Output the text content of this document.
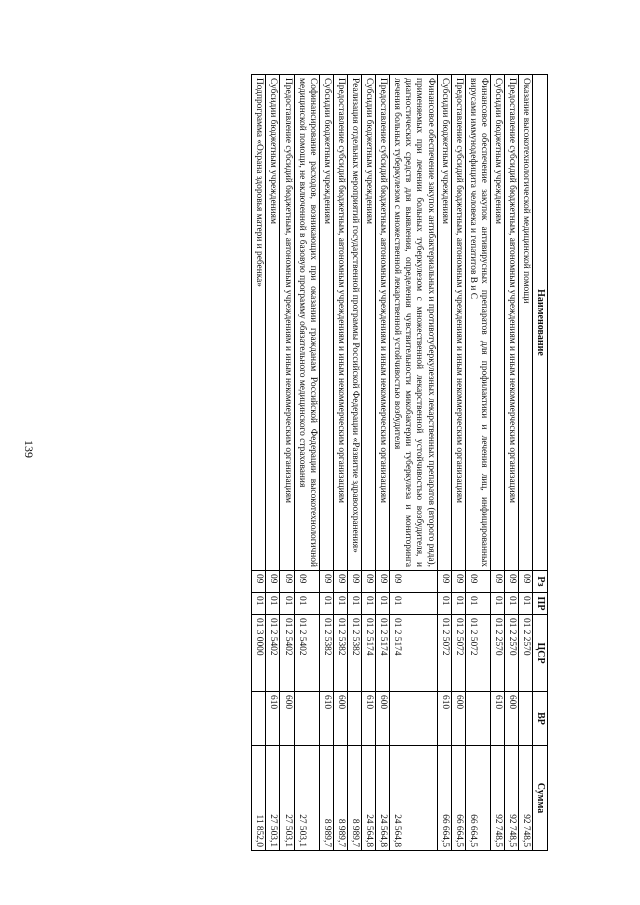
139
Наименование	Рз	ПР	ЦСР	ВР	Сумма
Оказание высокотехнологической медицинской помощи	09	01	01 2 2570		92 748,5
Предоставление субсидий бюджетным, автономным учреждениям и иным некоммерческим организациям	09	01	01 2 2570	600	92 748,5
Субсидии бюджетным учреждениям	09	01	01 2 2570	610	92 748,5
Финансовое обеспечение закупок антивирусных препаратов для профилактики и лечения лиц, инфицированных вирусами иммунодефицита человека и гепатитов В и С	09	01	01 2 5072		66 664,5
Предоставление субсидий бюджетным, автономным учреждениям и иным некоммерческим организациям	09	01	01 2 5072	600	66 664,5
Субсидии бюджетным учреждениям	09	01	01 2 5072	610	66 664,5
Финансовое обеспечение закупок антибактериальных и противотуберкулезных лекарственных препаратов (второго ряда), применяемых при лечении больных туберкулезом с множественной лекарственной устойчивостью возбудителя, и диагностических средств для выявления, определения чувствительности микобактерии туберкулеза и мониторинга лечения больных туберкулезом с множественной лекарственной устойчивостью возбудителя	09	01	01 2 5174		24 564,8
Предоставление субсидий бюджетным, автономным учреждениям и иным некоммерческим организациям	09	01	01 2 5174	600	24 564,8
Субсидии бюджетным учреждениям	09	01	01 2 5174	610	24 564,8
Реализация отдельных мероприятий государственной программы Российской Федерации «Развитие здравоохранения»	09	01	01 2 5382		8 989,7
Предоставление субсидий бюджетным, автономным учреждениям и иным некоммерческим организациям	09	01	01 2 5382	600	8 989,7
Субсидии бюджетным учреждениям	09	01	01 2 5382	610	8 989,7
Софинансирование расходов, возникающих при оказании гражданам Российской Федерации высокотехнологичной медицинской помощи, не включенной в базовую программу обязательного медицинского страхования	09	01	01 2 5402		27 503,1
Предоставление субсидий бюджетным, автономным учреждениям и иным некоммерческим организациям	09	01	01 2 5402	600	27 503,1
Субсидии бюджетным учреждениям	09	01	01 2 5402	610	27 503,1
Подпрограмма «Охрана здоровья матери и ребенка»	09	01	01 3 0000		11 852,0
